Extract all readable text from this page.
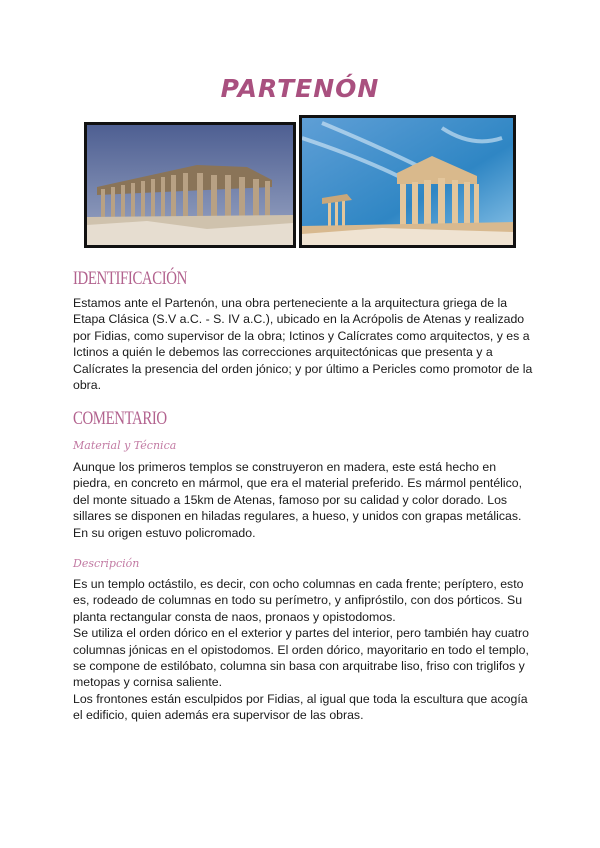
PARTENÓN
IDENTIFICACIÓN
Estamos ante el Partenón, una obra perteneciente a la arquitectura griega de la
Etapa Clásica (S.V a.C. - S. IV a.C.), ubicado en la Acrópolis de Atenas y realizado
por Fidias, como supervisor de la obra; Ictinos y Calícrates como arquitectos, y es a
Ictinos a quién le debemos las correcciones arquitectónicas que presenta y a
Calícrates la presencia del orden jónico; y por último a Pericles como promotor de la
obra.
COMENTARIO
Material y Técnica
Aunque los primeros templos se construyeron en madera, este está hecho en
piedra, en concreto en mármol, que era el material preferido. Es mármol pentélico,
del monte situado a 15km de Atenas, famoso por su calidad y color dorado. Los
sillares se disponen en hiladas regulares, a hueso, y unidos con grapas metálicas.
En su origen estuvo policromado.
Descripción
Es un templo octástilo, es decir, con ocho columnas en cada frente; períptero, esto
es, rodeado de columnas en todo su perímetro, y anfipróstilo, con dos pórticos. Su
planta rectangular consta de naos, pronaos y opistodomos.
Se utiliza el orden dórico en el exterior y partes del interior, pero también hay cuatro
columnas jónicas en el opistodomos. El orden dórico, mayoritario en todo el templo,
se compone de estilóbato, columna sin basa con arquitrabe liso, friso con triglifos y
metopas y cornisa saliente.
Los frontones están esculpidos por Fidias, al igual que toda la escultura que acogía
el edificio, quien además era supervisor de las obras.
